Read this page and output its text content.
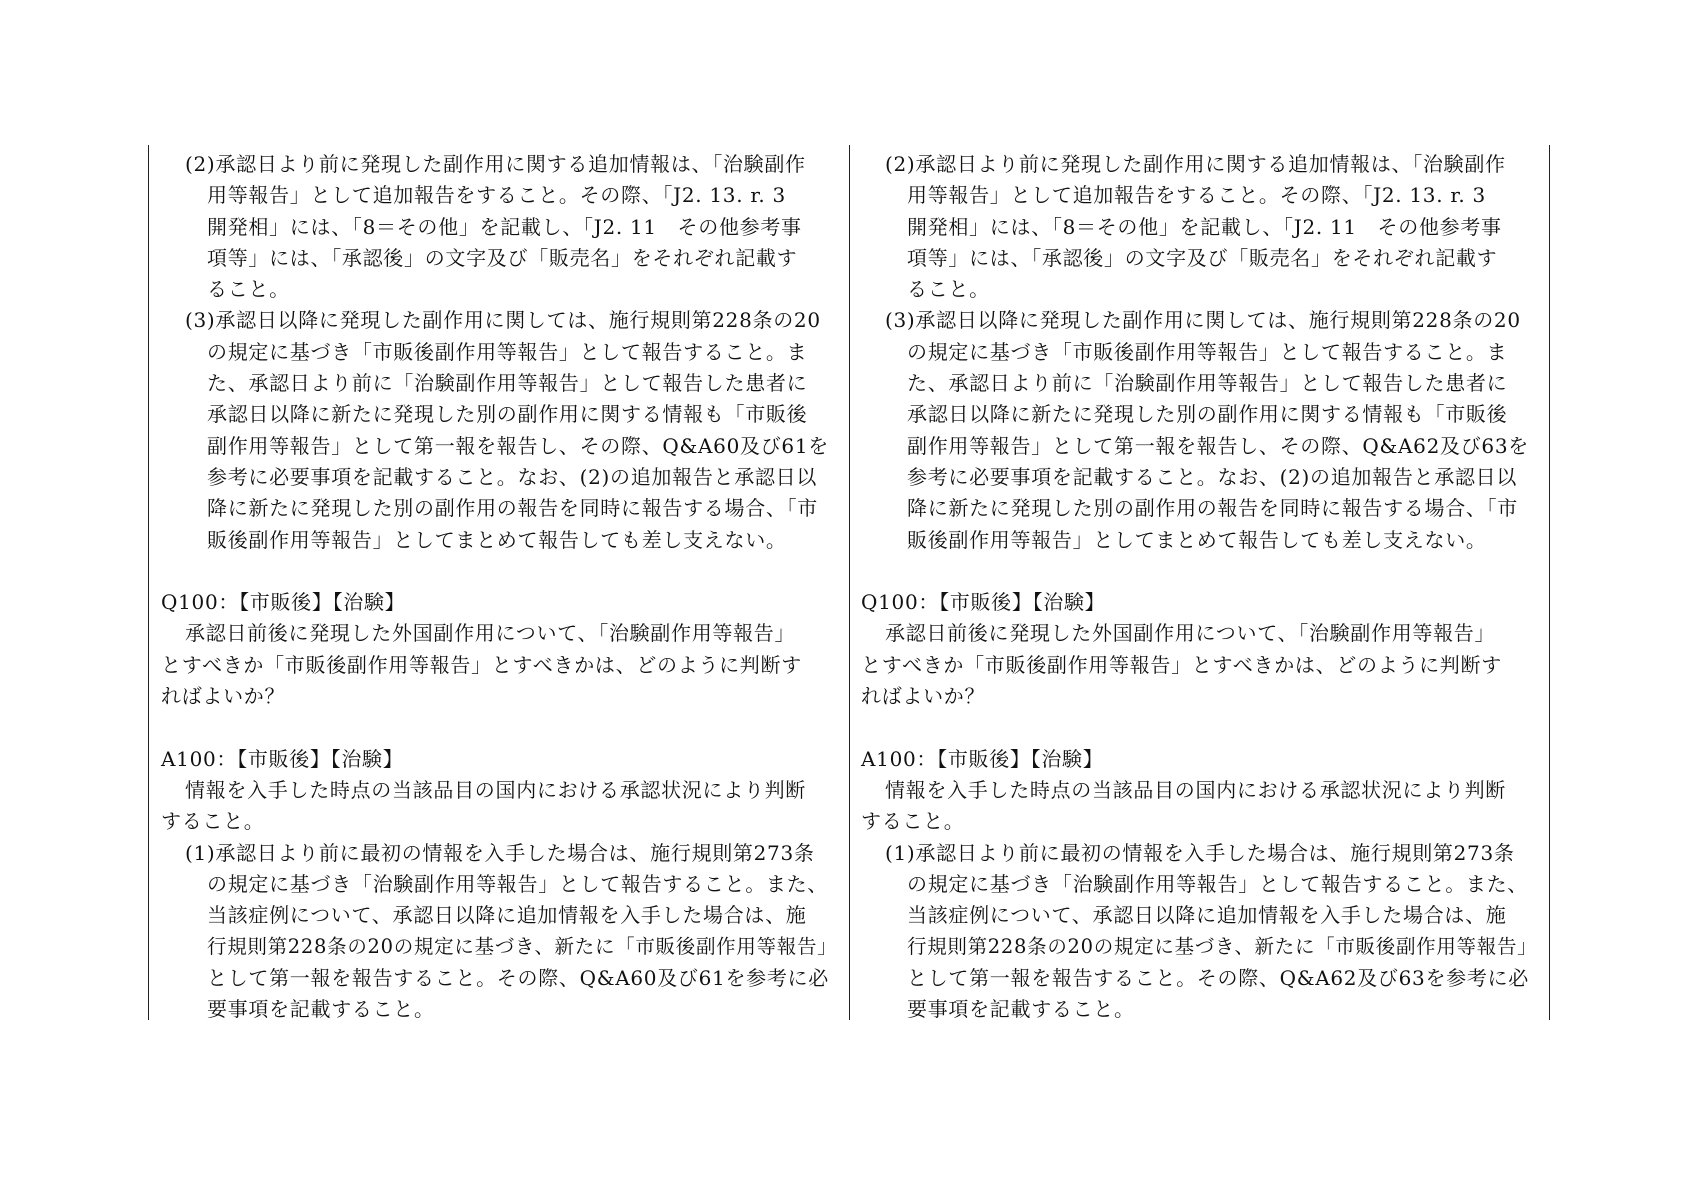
(2)承認日より前に発現した副作用に関する追加情報は、「治験副作
用等報告」として追加報告をすること。その際、「J2. 13. r. 3
開発相」には、「8＝その他」を記載し、「J2. 11　その他参考事
項等」には、「承認後」の文字及び「販売名」をそれぞれ記載す
ること。
(3)承認日以降に発現した副作用に関しては、施行規則第228条の20
の規定に基づき「市販後副作用等報告」として報告すること。ま
た、承認日より前に「治験副作用等報告」として報告した患者に
承認日以降に新たに発現した別の副作用に関する情報も「市販後
副作用等報告」として第一報を報告し、その際、Q&A60及び61を
参考に必要事項を記載すること。なお、(2)の追加報告と承認日以
降に新たに発現した別の副作用の報告を同時に報告する場合、「市
販後副作用等報告」としてまとめて報告しても差し支えない。
Q100：【市販後】【治験】
承認日前後に発現した外国副作用について、「治験副作用等報告」
とすべきか「市販後副作用等報告」とすべきかは、どのように判断す
ればよいか？
A100：【市販後】【治験】
情報を入手した時点の当該品目の国内における承認状況により判断
すること。
(1)承認日より前に最初の情報を入手した場合は、施行規則第273条
の規定に基づき「治験副作用等報告」として報告すること。また、
当該症例について、承認日以降に追加情報を入手した場合は、施
行規則第228条の20の規定に基づき、新たに「市販後副作用等報告」
として第一報を報告すること。その際、Q&A60及び61を参考に必
要事項を記載すること。
(2)承認日より前に発現した副作用に関する追加情報は、「治験副作
用等報告」として追加報告をすること。その際、「J2. 13. r. 3
開発相」には、「8＝その他」を記載し、「J2. 11　その他参考事
項等」には、「承認後」の文字及び「販売名」をそれぞれ記載す
ること。
(3)承認日以降に発現した副作用に関しては、施行規則第228条の20
の規定に基づき「市販後副作用等報告」として報告すること。ま
た、承認日より前に「治験副作用等報告」として報告した患者に
承認日以降に新たに発現した別の副作用に関する情報も「市販後
副作用等報告」として第一報を報告し、その際、Q&A62及び63を
参考に必要事項を記載すること。なお、(2)の追加報告と承認日以
降に新たに発現した別の副作用の報告を同時に報告する場合、「市
販後副作用等報告」としてまとめて報告しても差し支えない。
Q100：【市販後】【治験】
承認日前後に発現した外国副作用について、「治験副作用等報告」
とすべきか「市販後副作用等報告」とすべきかは、どのように判断す
ればよいか？
A100：【市販後】【治験】
情報を入手した時点の当該品目の国内における承認状況により判断
すること。
(1)承認日より前に最初の情報を入手した場合は、施行規則第273条
の規定に基づき「治験副作用等報告」として報告すること。また、
当該症例について、承認日以降に追加情報を入手した場合は、施
行規則第228条の20の規定に基づき、新たに「市販後副作用等報告」
として第一報を報告すること。その際、Q&A62及び63を参考に必
要事項を記載すること。
